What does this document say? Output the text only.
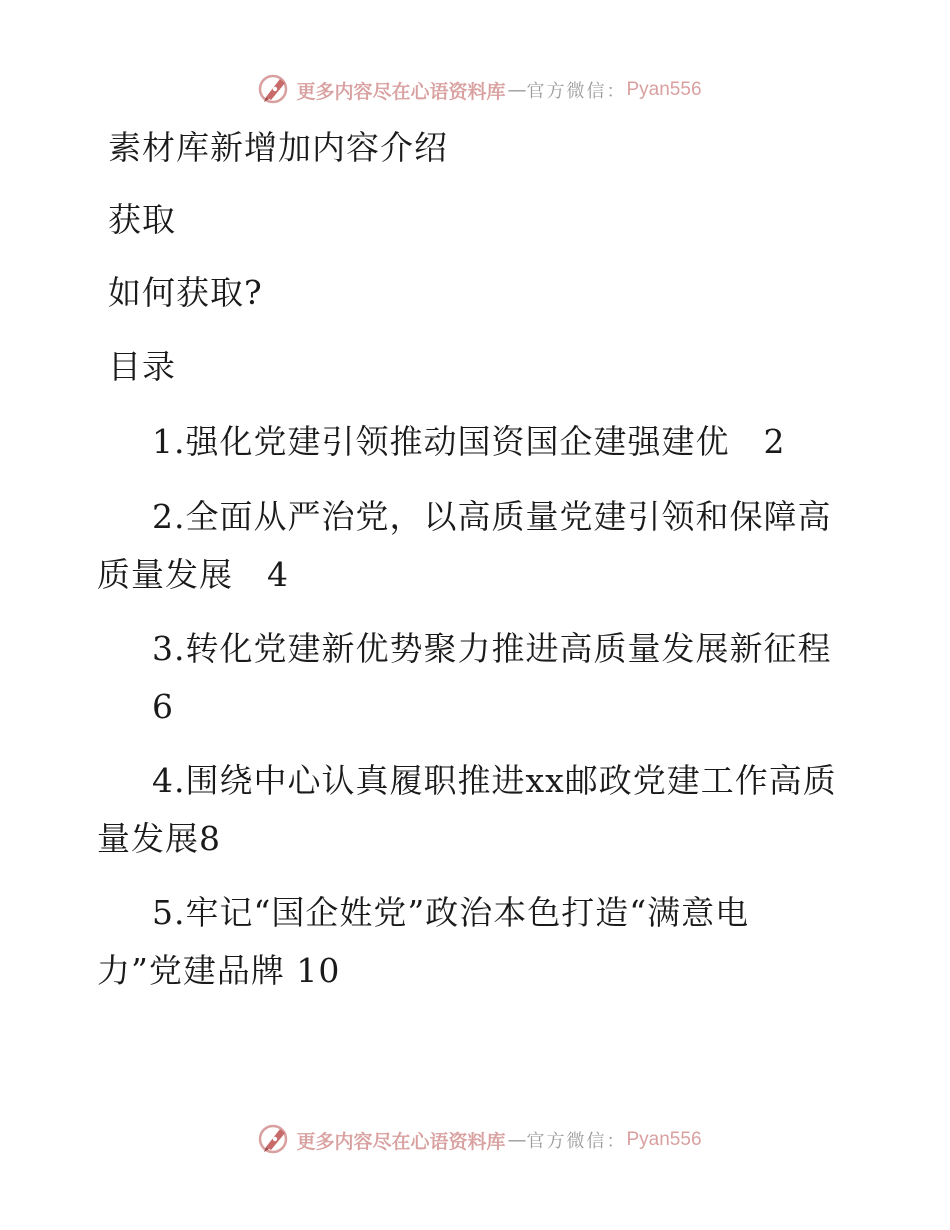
更多内容尽在心语资料库 — 官方微信： Pyan556
素材库新增加内容介绍
获取
如何获取?
目录
1.强化党建引领推动国资国企建强建优　2
2.全面从严治党，以高质量党建引领和保障高
质量发展　4
3.转化党建新优势聚力推进高质量发展新征程
6
4.围绕中心认真履职推进xx邮政党建工作高质
量发展8
5.牢记“国企姓党”政治本色打造“满意电
力”党建品牌 10
更多内容尽在心语资料库 — 官方微信： Pyan556
